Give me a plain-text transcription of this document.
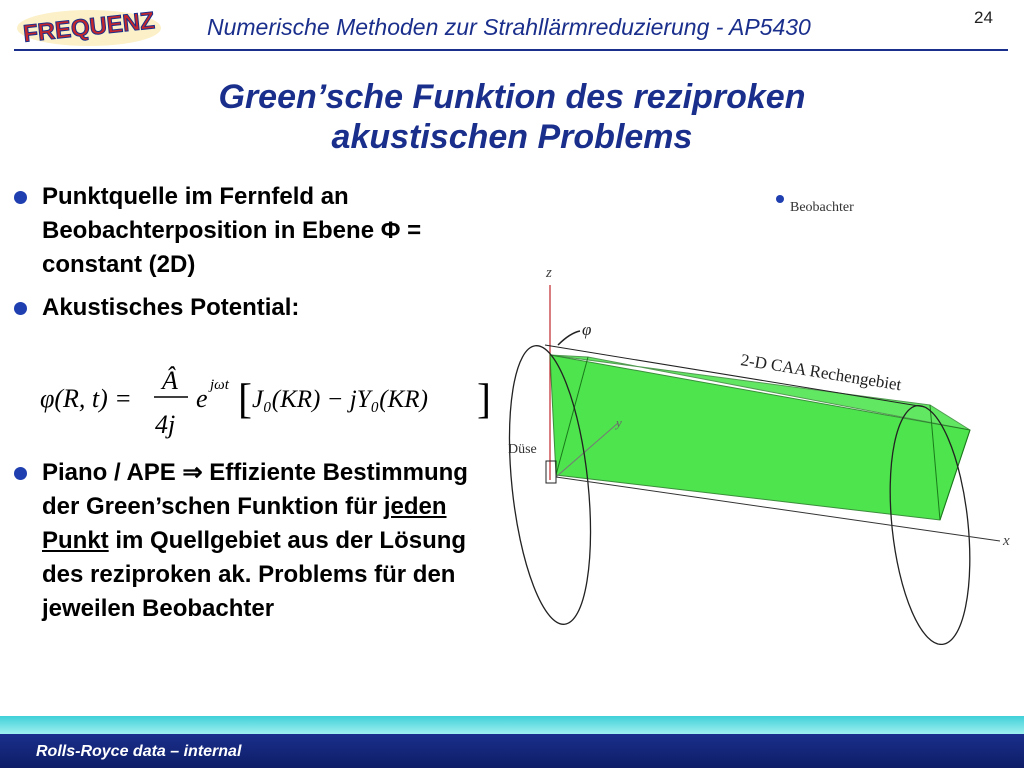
FREQUENZ Numerische Methoden zur Strahllärmreduzierung - AP5430	24
Green’sche Funktion des reziproken
akustischen Problems
Punktquelle im Fernfeld an Beobachterposition in Ebene Φ = constant (2D)
Akustisches Potential:
φ(R, t) =
Â
4j
e jωt [ J₀(KR) − jY₀(KR) ]
Piano / APE ⇒ Effiziente Bestimmung der Green’schen Funktion für jeden Punkt im Quellgebiet aus der Lösung des reziproken ak. Problems für den jeweilen Beobachter
Beobachter
z
φ
2-D CAA Rechengebiet
y
Düse
x
Rolls-Royce data – internal
